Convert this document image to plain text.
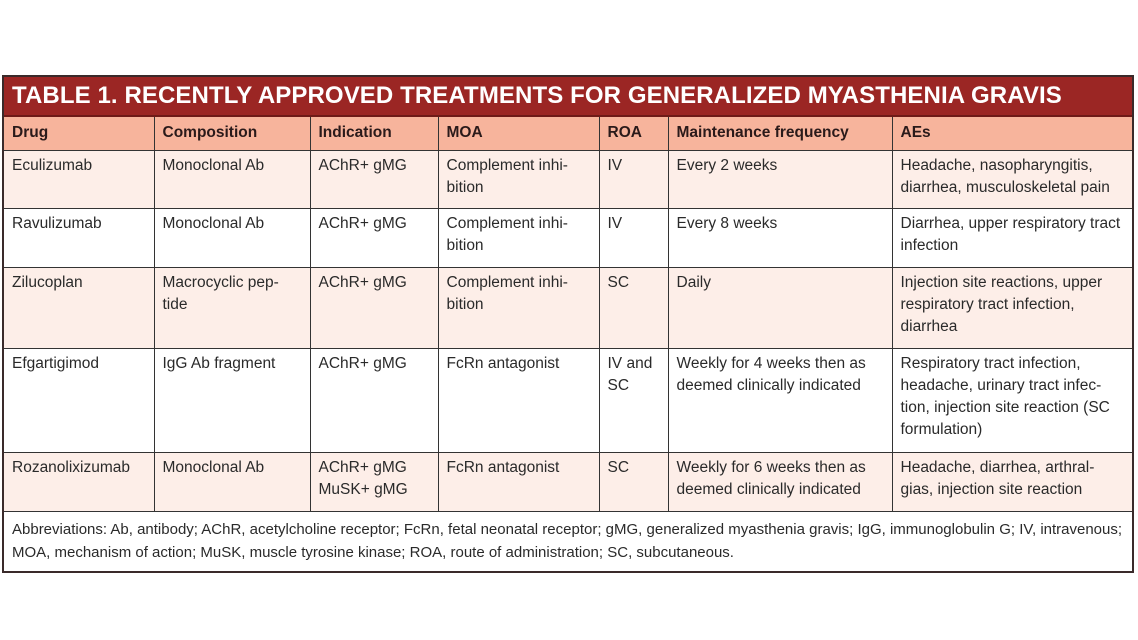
TABLE 1. RECENTLY APPROVED TREATMENTS FOR GENERALIZED MYASTHENIA GRAVIS
Drug	Composition	Indication	MOA	ROA	Maintenance frequency	AEs
Eculizumab	Monoclonal Ab	AChR+ gMG	Complement inhi-bition	IV	Every 2 weeks	Headache, nasopharyngitis, diarrhea, musculoskeletal pain
Ravulizumab	Monoclonal Ab	AChR+ gMG	Complement inhi-bition	IV	Every 8 weeks	Diarrhea, upper respiratory tract infection
Zilucoplan	Macrocyclic pep-tide	AChR+ gMG	Complement inhi-bition	SC	Daily	Injection site reactions, upper respiratory tract infection, diarrhea
Efgartigimod	IgG Ab fragment	AChR+ gMG	FcRn antagonist	IV and SC	Weekly for 4 weeks then as deemed clinically indicated	Respiratory tract infection, headache, urinary tract infec-tion, injection site reaction (SC formulation)
Rozanolixizumab	Monoclonal Ab	AChR+ gMG MuSK+ gMG	FcRn antagonist	SC	Weekly for 6 weeks then as deemed clinically indicated	Headache, diarrhea, arthral-gias, injection site reaction
Abbreviations: Ab, antibody; AChR, acetylcholine receptor; FcRn, fetal neonatal receptor; gMG, generalized myasthenia gravis; IgG, immunoglobulin G; IV, intravenous; MOA, mechanism of action; MuSK, muscle tyrosine kinase; ROA, route of administration; SC, subcutaneous.						
